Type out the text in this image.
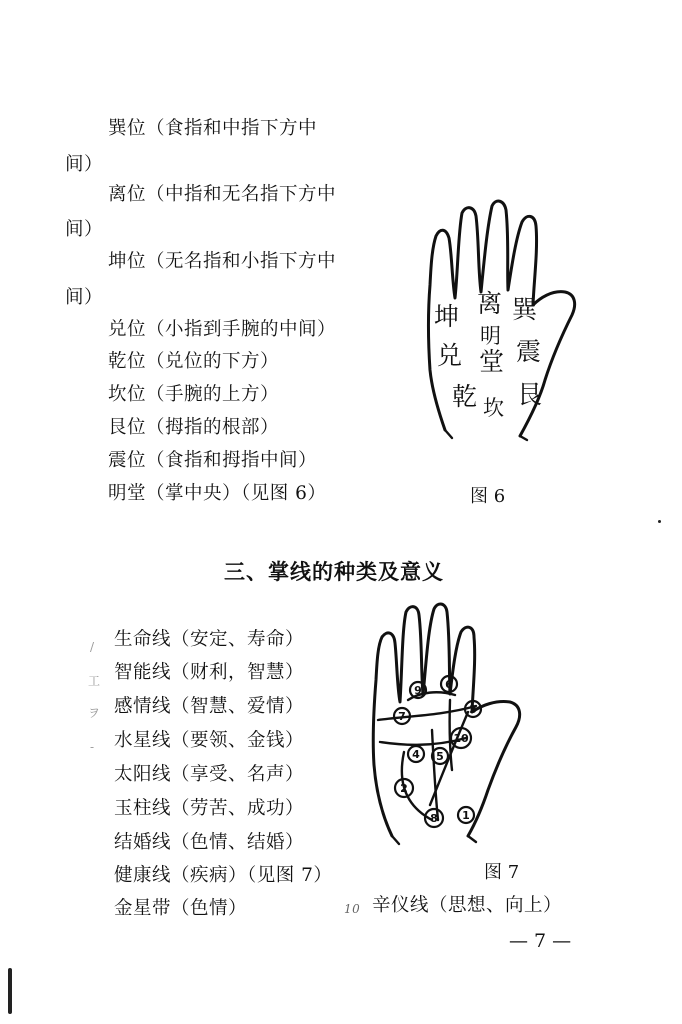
巽位（食指和中指下方中
间）
离位（中指和无名指下方中
间）
坤位（无名指和小指下方中
间）
兑位（小指到手腕的中间）
乾位（兑位的下方）
坎位（手腕的上方）
艮位（拇指的根部）
震位（食指和拇指中间）
明堂（掌中央）（见图 6）
坤 离 巽
兑
明
堂 震
乾 坎 艮
图 6
三、掌线的种类及意义
/
工
ヲ
-
生命线（安定、寿命）
智能线（财利，智慧）
感情线（智慧、爱情）
水星线（要领、金钱）
太阳线（享受、名声）
玉柱线（劳苦、成功）
结婚线（色情、结婚）
健康线（疾病）（见图 7）
金星带（色情）	10 辛仪线（思想、向上）
9 6
7
3
10
4 5
2
8 1
图 7
— 7 —
